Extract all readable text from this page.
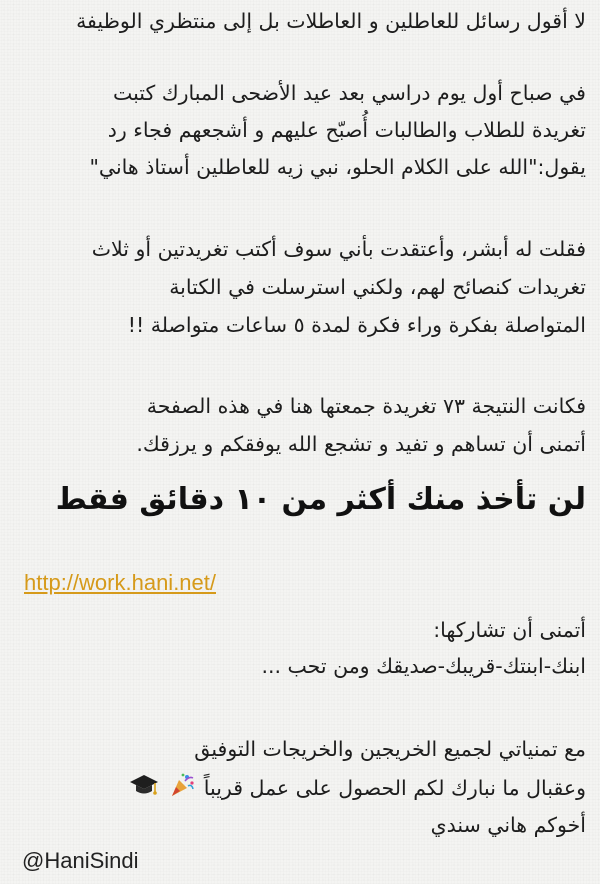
لا أقول رسائل للعاطلين و العاطلات بل إلى منتظري الوظيفة
في صباح أول يوم دراسي بعد عيد الأضحى المبارك كتبت
تغريدة للطلاب والطالبات أُصبّح عليهم و أشجعهم فجاء رد
يقول:"الله على الكلام الحلو، نبي زيه للعاطلين أستاذ هاني"
فقلت له أبشر، وأعتقدت بأني سوف أكتب تغريدتين أو ثلاث
تغريدات كنصائح لهم، ولكني استرسلت في الكتابة
المتواصلة بفكرة وراء فكرة لمدة ٥ ساعات متواصلة !!
فكانت النتيجة ٧٣ تغريدة جمعتها هنا في هذه الصفحة
أتمنى أن تساهم و تفيد و تشجع الله يوفقكم و يرزقك.
لن تأخذ منك أكثر من ١٠ دقائق فقط
http://work.hani.net/
أتمنى أن تشاركها:
ابنك-ابنتك-قريبك-صديقك ومن تحب ...
مع تمنياتي لجميع الخريجين والخريجات التوفيق
وعقبال ما نبارك لكم الحصول على عمل قريباً
أخوكم هاني سندي
@HaniSindi
